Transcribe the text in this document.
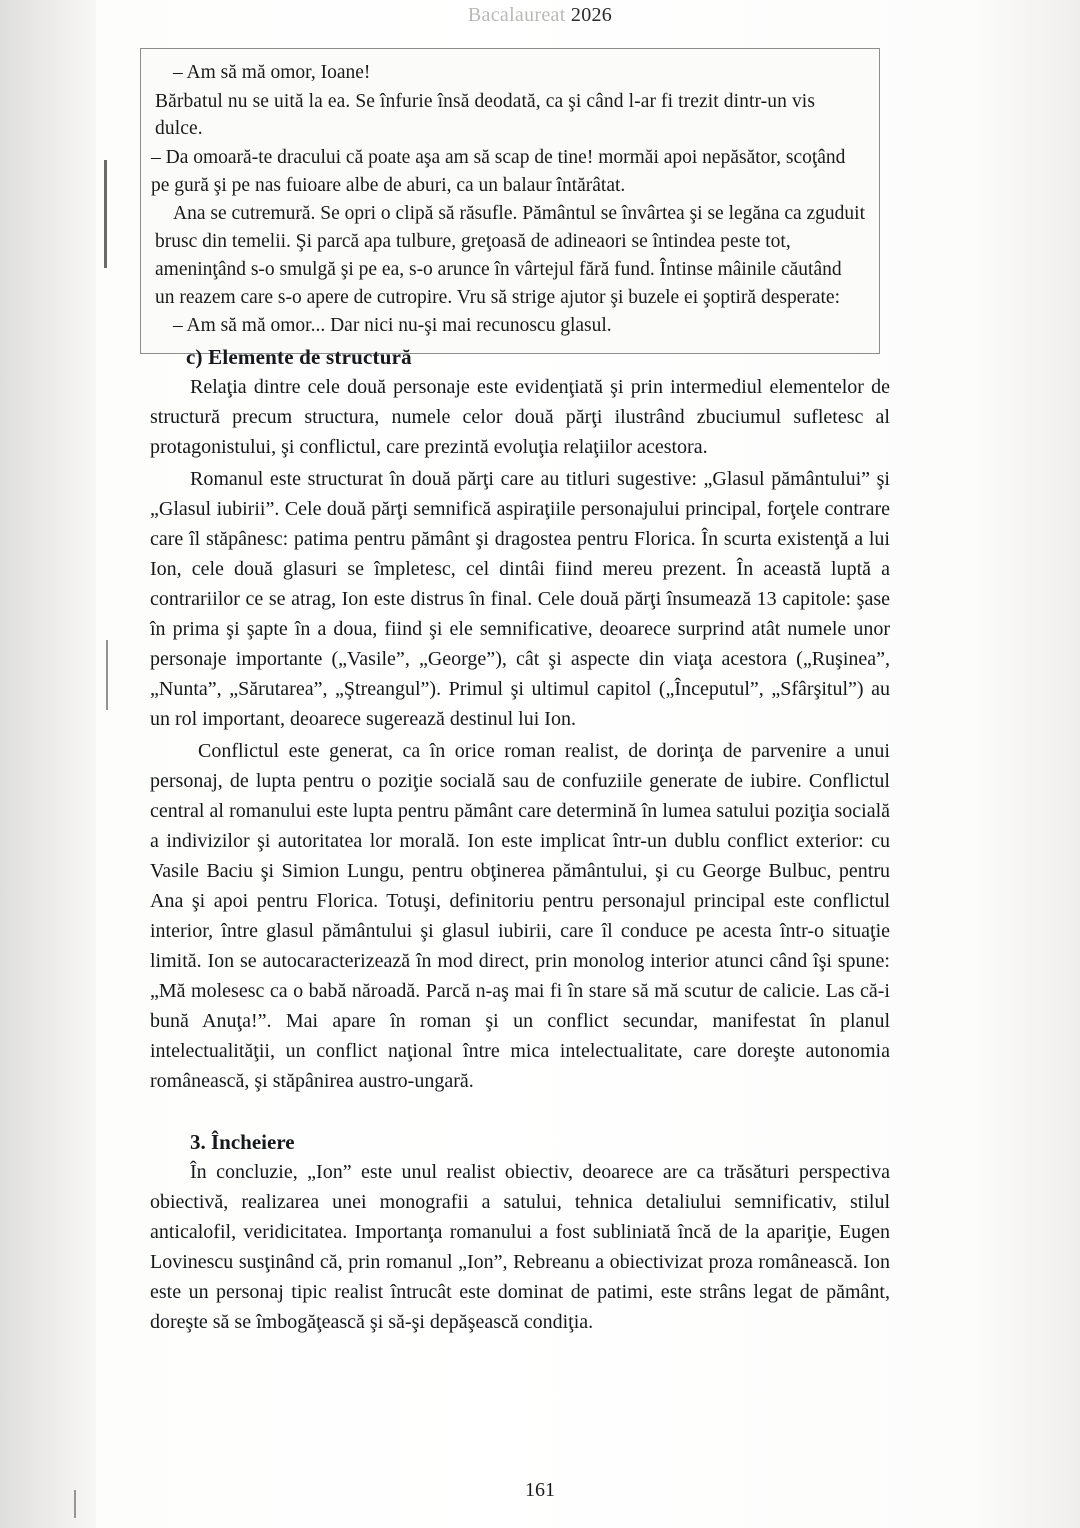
Bacalaureat 2026

– Am să mă omor, Ioane!

Bărbatul nu se uită la ea. Se înfurie însă deodată, ca şi când l-ar fi trezit dintr-un vis dulce.

– Da omoară-te dracului că poate aşa am să scap de tine! mormăi apoi nepăsător, scoţând pe gură şi pe nas fuioare albe de aburi, ca un balaur întărâtat.

Ana se cutremură. Se opri o clipă să răsufle. Pământul se învârtea şi se legăna ca zguduit brusc din temelii. Şi parcă apa tulbure, greţoasă de adineaori se întindea peste tot, ameninţând s-o smulgă şi pe ea, s-o arunce în vârtejul fără fund. Întinse mâinile căutând un reazem care s-o apere de cutropire. Vru să strige ajutor şi buzele ei şoptiră desperate:

– Am să mă omor... Dar nici nu-şi mai recunoscu glasul.

c) Elemente de structură

Relaţia dintre cele două personaje este evidenţiată şi prin intermediul elementelor de structură precum structura, numele celor două părţi ilustrând zbuciumul sufletesc al protagonistului, şi conflictul, care prezintă evoluţia relaţiilor acestora.

Romanul este structurat în două părţi care au titluri sugestive: „Glasul pământului” şi „Glasul iubirii”. Cele două părţi semnifică aspiraţiile personajului principal, forţele contrare care îl stăpânesc: patima pentru pământ şi dragostea pentru Florica. În scurta existenţă a lui Ion, cele două glasuri se împletesc, cel dintâi fiind mereu prezent. În această luptă a contrariilor ce se atrag, Ion este distrus în final. Cele două părţi însumează 13 capitole: şase în prima şi şapte în a doua, fiind şi ele semnificative, deoarece surprind atât numele unor personaje importante („Vasile”, „George”), cât şi aspecte din viaţa acestora („Ruşinea”, „Nunta”, „Sărutarea”, „Ştreangul”). Primul şi ultimul capitol („Începutul”, „Sfârşitul”) au un rol important, deoarece sugerează destinul lui Ion.

Conflictul este generat, ca în orice roman realist, de dorinţa de parvenire a unui personaj, de lupta pentru o poziţie socială sau de confuziile generate de iubire. Conflictul central al romanului este lupta pentru pământ care determină în lumea satului poziţia socială a indivizilor şi autoritatea lor morală. Ion este implicat într-un dublu conflict exterior: cu Vasile Baciu şi Simion Lungu, pentru obţinerea pământului, şi cu George Bulbuc, pentru Ana şi apoi pentru Florica. Totuşi, definitoriu pentru personajul principal este conflictul interior, între glasul pământului şi glasul iubirii, care îl conduce pe acesta într-o situaţie limită. Ion se autocaracterizează în mod direct, prin monolog interior atunci când îşi spune: „Mă molesesc ca o babă năroadă. Parcă n-aş mai fi în stare să mă scutur de calicie. Las că-i bună Anuţa!”. Mai apare în roman şi un conflict secundar, manifestat în planul intelectualităţii, un conflict naţional între mica intelectualitate, care doreşte autonomia românească, şi stăpânirea austro-ungară.

3. Încheiere

În concluzie, „Ion” este unul realist obiectiv, deoarece are ca trăsături perspectiva obiectivă, realizarea unei monografii a satului, tehnica detaliului semnificativ, stilul anticalofil, veridicitatea. Importanţa romanului a fost subliniată încă de la apariţie, Eugen Lovinescu susţinând că, prin romanul „Ion”, Rebreanu a obiectivizat proza românească. Ion este un personaj tipic realist întrucât este dominat de patimi, este strâns legat de pământ, doreşte să se îmbogăţească şi să-şi depăşească condiţia.

161
